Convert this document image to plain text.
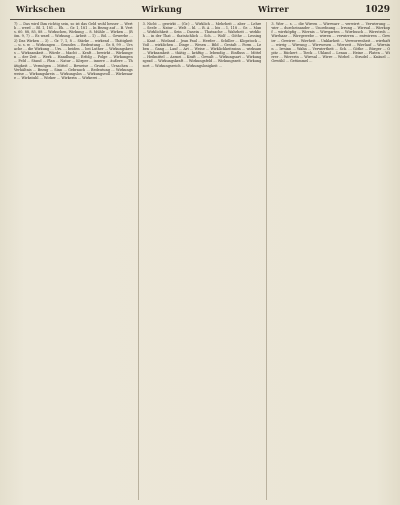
Wirkschen	Wirkung	Wirrer	1029
7) ... Das wird Ihm richtig sein, so ist das Geld wohl besser ... Werth ... werd ... Bl. 1, 181 ... Eh. ... Gr. 1, 181 ... In Bezug auf ... B. Verts. 60. 88, 85, 88 ... Wirkschen, Wirkung ... 8. Mühle ... Wirken ... (Röm. 9, 7) ... Es ward ... Wirkung ... Arbeit ... 1) ... Bd. ... Gewerbe ... 2) Das Wirken ... 3) ... Gr. 7, 1, 8 ... Stärke ... wirkend ... Thätigkeit ... u. s. w. ... Wirkungen ... Grundes ... Bedeutung ... Gr. 8, 99 ... Ursache ... die Wirkung ... Urs. ... beiden ... bei Luther ... Wirkungskreis ... Wirksamkeit ... Würde ... Macht ... Kraft ... bewirkt ... Wirkungen ... der Zeit ... Werk ... Handlung ... Erfolg ... Folge ... Wirkungen ... Feld ... Stand ... Plan ... Natur ... Körper ... innere ... äußere ... Thätigkeit ... Vermögen ... Mittel ... Beweise ... Grund ... Ursachen ... Verhältnis ... Bezug ... Sinn ... Gebrauch ... Bedeutung ... Wirkungsweise ... Wirkungskreis ... Wirkungslos ... Wirkungsvoll ... Wirkwaare ... Wirkstuhl ... Wirker ... Wirkerin ... Wirkerei ...
3. Nicht ... gewirkt ... (Gr.) ... Wirklich ... Mehrheit ... aber ... Lehre ... Seele ... Natur ... Welt ... bl. ... B. A ... bis ... 1, 118 ... Gr. ... Man ... Wirklichkeit ... Sein ... Dasein ... Thatsache ... Wahrheit ... wirklich ... in der That ... thatsächlich ... Sch. ... Wolf ... Göthe ... Lessing ... Kant ... Wieland ... Jean Paul ... Herder ... Schiller ... Klopstock ... Voß ... wirklichen ... Dinge ... Wesen ... Bild ... Gestalt ... Form ... Leben ... Gang ... Lauf ... Art ... Weise ... Wirklichkeitssinn ... wirksam ... Wirksamkeit ... thätig ... kräftig ... lebendig ... Einfluss ... Mittel ... Heilmittel ... Arznei ... Kraft ... Gewalt ... Wirkungsart ... Wirkungsgrad ... Wirkungskraft ... Wirkungsfeld ... Wirkungszeit ... Wirkungsort ... Wirkungsreich ... Wirkungslosigkeit ...
3. Wirr ... s. ... die Wirren ... Wirrwarr ... verwirrt ... Verwirrung ... wirr ... durcheinander ... Unordnung ... Irrung ... Wirrsal ... Wirrkopf ... wirrköpfig ... Wirrnis ... Wirrgarten ... Wirrbusch ... Wirrstroh ... Wirrhaar ... Wirrgewebe ... wirren ... verwirren ... entwirren ... Gewirr ... Gewirre ... Wirrheit ... Unklarheit ... Verworrenheit ... wirrhaft ... wirrig ... Wirrung ... Wirrwesen ... Wirrzeit ... Wirrlauf ... Wirrsinn ... Irrsinn ... Wahn ... Verwirrtheit ... Sch. ... Göthe ... Bürger ... Opitz ... Rückert ... Tieck ... Uhland ... Lenau ... Heine ... Platen ... Wirrer ... Wirrerin ... Wirrsal ... Wirre ... Wirbel ... Strudel ... Knäuel ... Gewühl ... Getümmel ...
